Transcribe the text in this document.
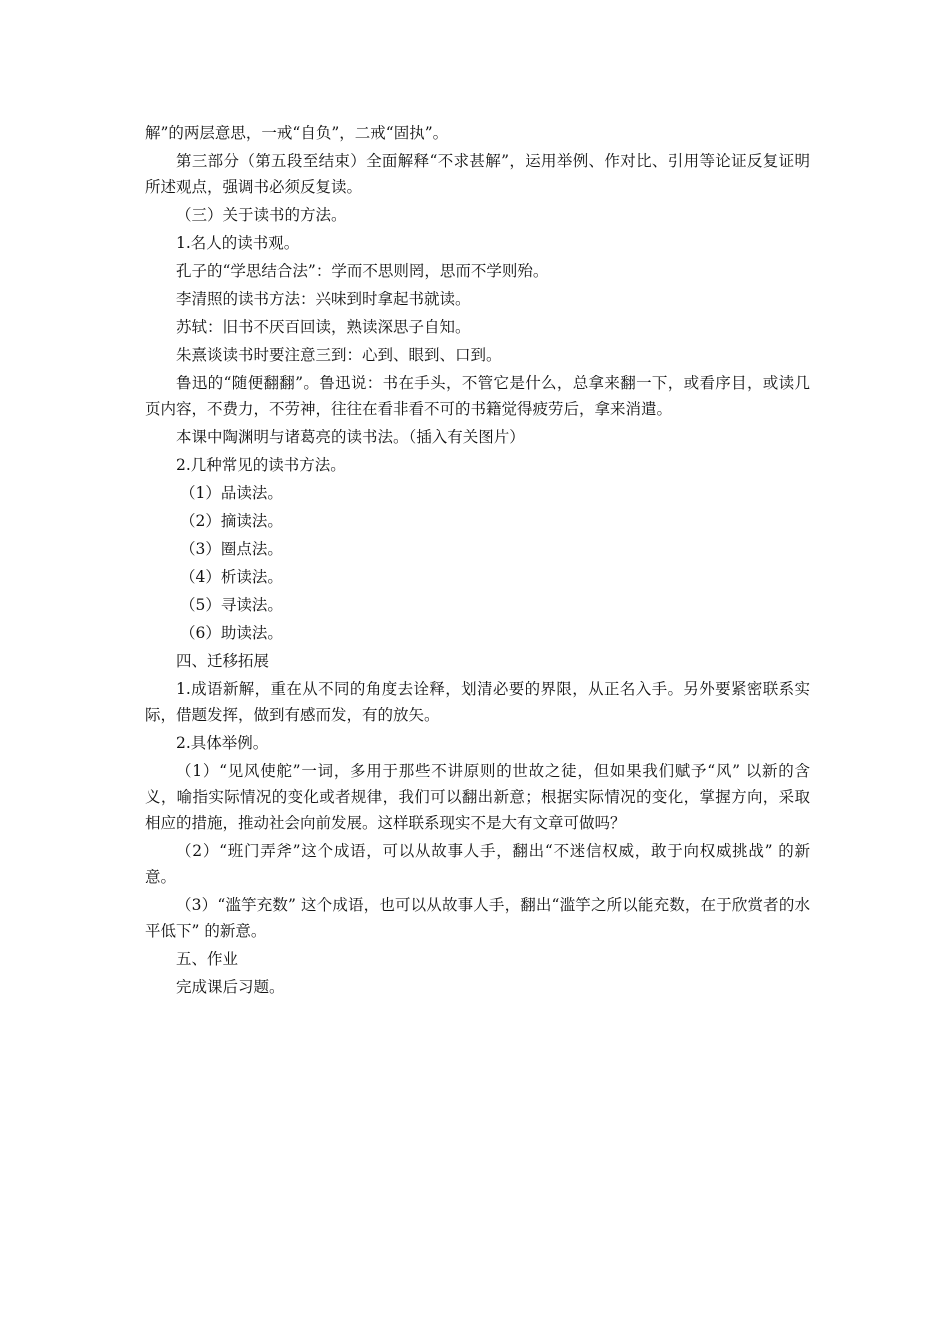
解”的两层意思，一戒“自负”，二戒“固执”。

第三部分（第五段至结束）全面解释“不求甚解”，运用举例、作对比、引用等论证反复证明所述观点，强调书必须反复读。

（三）关于读书的方法。

1.名人的读书观。

孔子的“学思结合法”：学而不思则罔，思而不学则殆。

李清照的读书方法：兴味到时拿起书就读。

苏轼：旧书不厌百回读，熟读深思子自知。

朱熹谈读书时要注意三到：心到、眼到、口到。

鲁迅的“随便翻翻”。鲁迅说：书在手头，不管它是什么，总拿来翻一下，或看序目，或读几页内容，不费力，不劳神，往往在看非看不可的书籍觉得疲劳后，拿来消遣。

本课中陶渊明与诸葛亮的读书法。（插入有关图片）

2.几种常见的读书方法。

（1）品读法。

（2）摘读法。

（3）圈点法。

（4）析读法。

（5）寻读法。

（6）助读法。

四、迁移拓展

1.成语新解，重在从不同的角度去诠释，划清必要的界限，从正名入手。另外要紧密联系实际，借题发挥，做到有感而发，有的放矢。

2.具体举例。

（1）“见风使舵”一词，多用于那些不讲原则的世故之徒，但如果我们赋予“风” 以新的含义，喻指实际情况的变化或者规律，我们可以翻出新意；根据实际情况的变化，掌握方向，采取相应的措施，推动社会向前发展。这样联系现实不是大有文章可做吗？

（2）“班门弄斧”这个成语，可以从故事人手，翻出“不迷信权威，敢于向权威挑战” 的新意。

（3）“滥竽充数” 这个成语，也可以从故事人手，翻出“滥竽之所以能充数，在于欣赏者的水平低下” 的新意。

五、作业

完成课后习题。
